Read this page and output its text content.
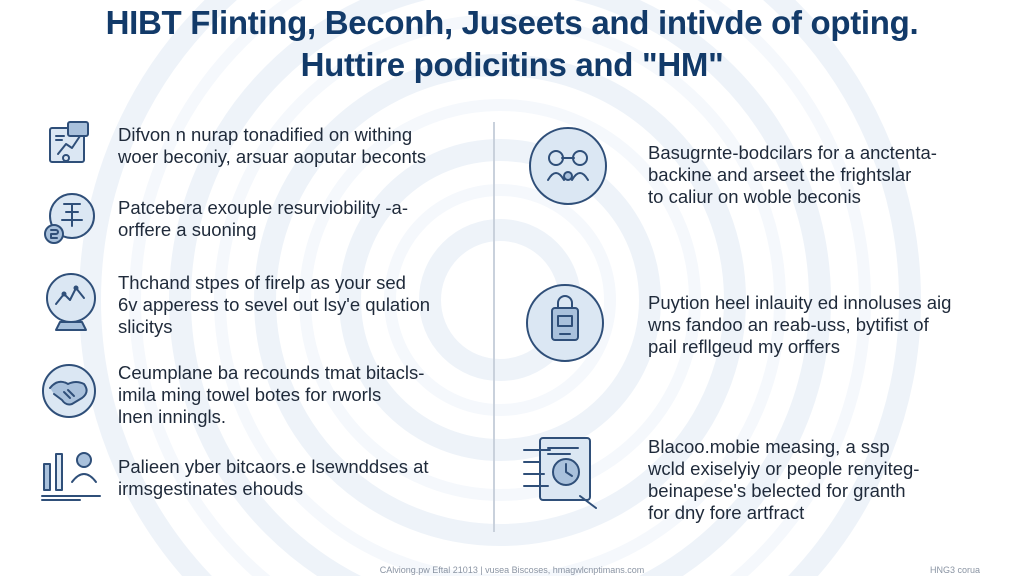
HIBT Flinting, Beconh, Juseets and intivde of opting.
Huttire podicitins and "HM"
Difvon n nurap tonadified on withing
woer beconiy, arsuar aoputar beconts
Patcebera exouple resurviobility -a-
orffere a suoning
Thchand stpes of firelp as your sed
6v apperess to sevel out lsy'e qulation
slicitys
Ceumplane ba recounds tmat bitacls-
imila ming towel botes for rworls
lnen inningls.
Palieen yber bitcaors.e lsewnddses at
irmsgestinates ehouds
Basugrnte-bodcilars for a anctenta-
backine and arseet the frightslar
to caliur on woble beconis
Puytion heel inlauity ed innoluses aig
wns fandoo an reab-uss, bytifist of
pail refllgeud my orffers
Blacoo.mobie measing, a ssp
wcld exiselyiy or people renyiteg-
beinapese's belected for granth
for dny fore artfract
CAlviong.pw Eftal 21013 | vusea Biscoses, hmagwlcnptimans.com	HNG3 corua
